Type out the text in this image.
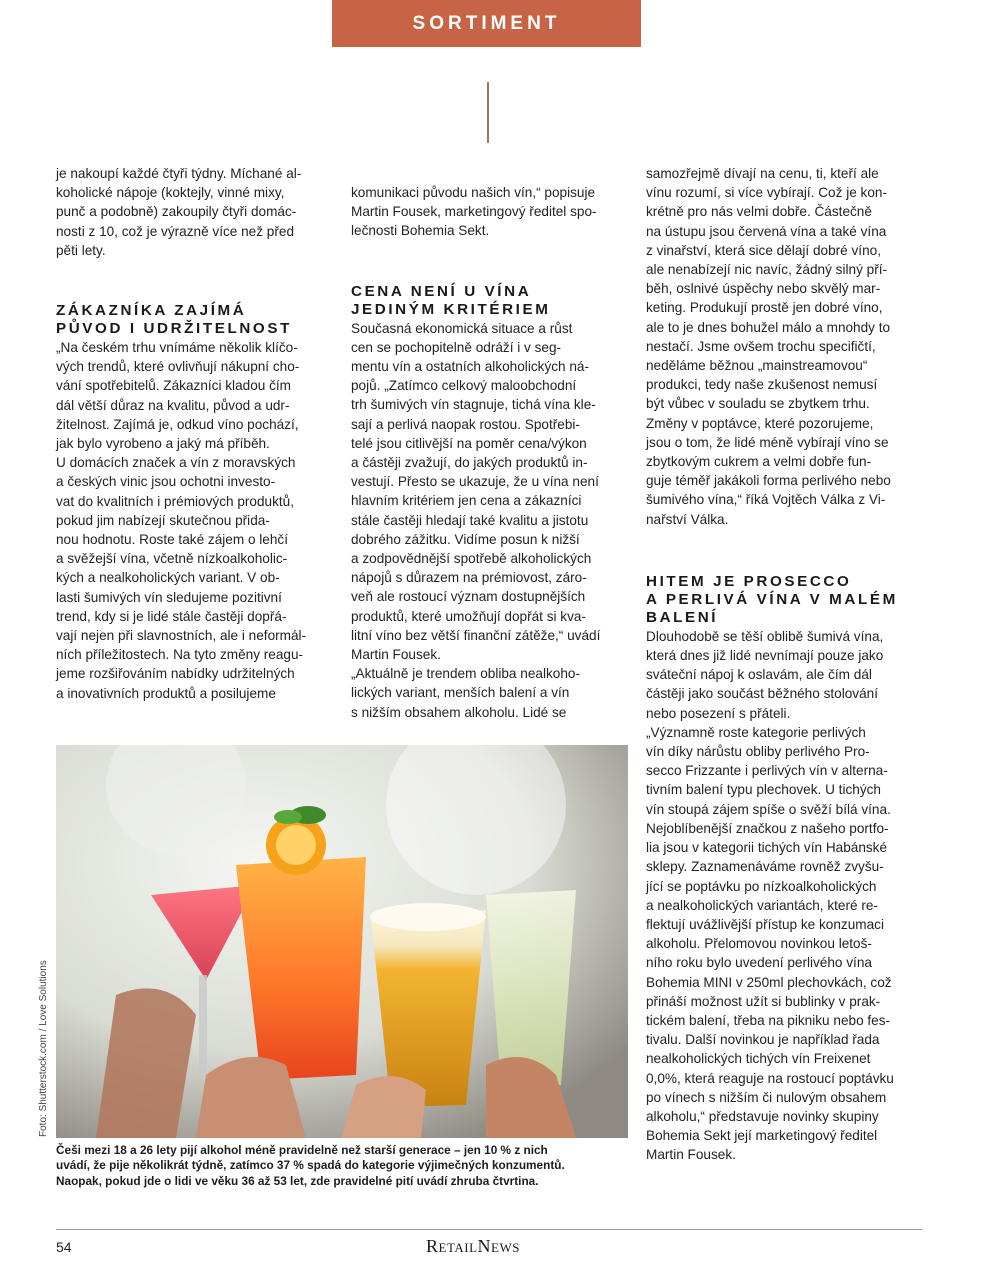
SORTIMENT

je nakoupí každé čtyři týdny. Míchané al-
koholické nápoje (koktejly, vinné mixy,
punč a podobně) zakoupily čtyři domác-
nosti z 10, což je výrazně více než před
pěti lety.

ZÁKAZNÍKA ZAJÍMÁ
PŮVOD I UDRŽITELNOST

„Na českém trhu vnímáme několik klíčo-
vých trendů, které ovlivňují nákupní cho-
vání spotřebitelů. Zákazníci kladou čím
dál větší důraz na kvalitu, původ a udr-
žitelnost. Zajímá je, odkud víno pochází,
jak bylo vyrobeno a jaký má příběh.
U domácích značek a vín z moravských
a českých vinic jsou ochotni investo-
vat do kvalitních i prémiových produktů,
pokud jim nabízejí skutečnou přida-
nou hodnotu. Roste také zájem o lehčí
a svěžejší vína, včetně nízkoalkoholic-
kých a nealkoholických variant. V ob-
lasti šumivých vín sledujeme pozitivní
trend, kdy si je lidé stále častěji dopřá-
vají nejen při slavnostních, ale i neformál-
ních příležitostech. Na tyto změny reagu-
jeme rozšiřováním nabídky udržitelných
a inovativních produktů a posilujeme

komunikaci původu našich vín,“ popisuje
Martin Fousek, marketingový ředitel spo-
lečnosti Bohemia Sekt.

CENA NENÍ U VÍNA
JEDINÝM KRITÉRIEM

Současná ekonomická situace a růst
cen se pochopitelně odráží i v seg-
mentu vín a ostatních alkoholických ná-
pojů. „Zatímco celkový maloobchodní
trh šumivých vín stagnuje, tichá vína kle-
sají a perlivá naopak rostou. Spotřebi-
telé jsou citlivější na poměr cena/výkon
a částěji zvažují, do jakých produktů in-
vestují. Přesto se ukazuje, že u vína není
hlavním kritériem jen cena a zákazníci
stále častěji hledají také kvalitu a jistotu
dobrého zážitku. Vidíme posun k nižší
a zodpovědnější spotřebě alkoholických
nápojů s důrazem na prémiovost, záro-
veň ale rostoucí význam dostupnějších
produktů, které umožňují dopřát si kva-
litní víno bez větší finanční zátěže,“ uvádí
Martin Fousek.
„Aktuálně je trendem obliba nealkoho-
lických variant, menších balení a vín
s nižším obsahem alkoholu. Lidé se

samozřejmě dívají na cenu, ti, kteří ale
vínu rozumí, si více vybírají. Což je kon-
krétně pro nás velmi dobře. Částečně
na ústupu jsou červená vína a také vína
z vinařství, která sice dělají dobré víno,
ale nenabízejí nic navíc, žádný silný pří-
běh, oslnivé úspěchy nebo skvělý mar-
keting. Produkují prostě jen dobré víno,
ale to je dnes bohužel málo a mnohdy to
nestačí. Jsme ovšem trochu specifičtí,
neděláme běžnou „mainstreamovou“
produkci, tedy naše zkušenost nemusí
být vůbec v souladu se zbytkem trhu.
Změny v poptávce, které pozorujeme,
jsou o tom, že lidé méně vybírají víno se
zbytkovým cukrem a velmi dobře fun-
guje téměř jakákoli forma perlivého nebo
šumivého vína,“ říká Vojtěch Válka z Vi-
nařství Válka.

HITEM JE PROSECCO
A PERLIVÁ VÍNA V MALÉM
BALENÍ

Dlouhodobě se těší oblibě šumivá vína,
která dnes již lidé nevnímají pouze jako
sváteční nápoj k oslavám, ale čím dál
částěji jako součást běžného stolování
nebo posezení s přáteli.
„Významně roste kategorie perlivých
vín díky nárůstu obliby perlivého Pro-
secco Frizzante i perlivých vín v alterna-
tivním balení typu plechovek. U tichých
vín stoupá zájem spíše o svěží bílá vína.
Nejoblíbenější značkou z našeho portfo-
lia jsou v kategorii tichých vín Habánské
sklepy. Zaznamenáváme rovněž zvyšu-
jící se poptávku po nízkoalkoholických
a nealkoholických variantách, které re-
flektují uvážlivější přístup ke konzumaci
alkoholu. Přelomovou novinkou letoš-
ního roku bylo uvedení perlivého vína
Bohemia MINI v 250ml plechovkách, což
přináší možnost užít si bublinky v prak-
tickém balení, třeba na pikniku nebo fes-
tivalu. Další novinkou je například řada
nealkoholických tichých vín Freixenet
0,0%, která reaguje na rostoucí poptávku
po vínech s nižším či nulovým obsahem
alkoholu,“ představuje novinky skupiny
Bohemia Sekt její marketingový ředitel
Martin Fousek.

Foto: Shutterstock.com / Love Solutions
Češi mezi 18 a 26 lety pijí alkohol méně pravidelně než starší generace – jen 10 % z nich
uvádí, že pije několikrát týdně, zatímco 37 % spadá do kategorie výjimečných konzumentů.
Naopak, pokud jde o lidi ve věku 36 až 53 let, zde pravidelné pití uvádí zhruba čtvrtina.
54	RetailNews
